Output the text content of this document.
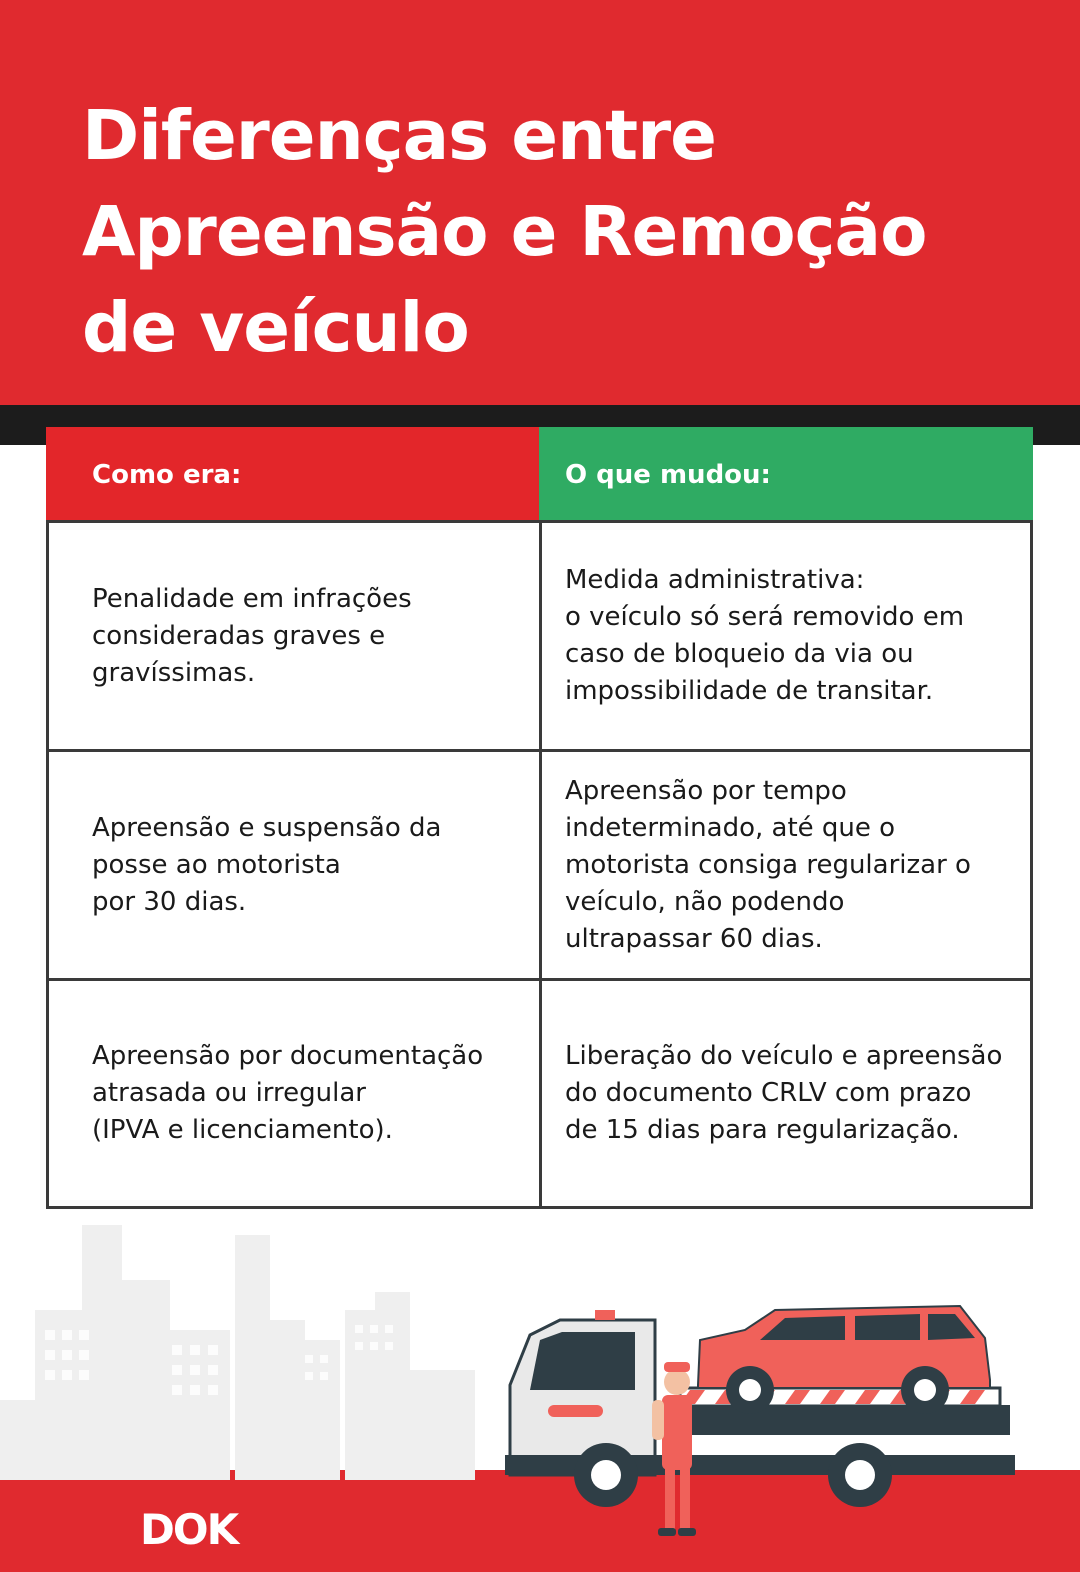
Diferenças entre
Apreensão e Remoção
de veículo
Como era:	O que mudou:
Penalidade em infrações
consideradas graves e
gravíssimas.
Medida administrativa:
o veículo só será removido em
caso de bloqueio da via ou
impossibilidade de transitar.
Apreensão e suspensão da
posse ao motorista
por 30 dias.
Apreensão por tempo
indeterminado, até que o
motorista consiga regularizar o
veículo, não podendo
ultrapassar 60 dias.
Apreensão por documentação
atrasada ou irregular
(IPVA e licenciamento).
Liberação do veículo e apreensão
do documento CRLV com prazo
de 15 dias para regularização.
DOK
